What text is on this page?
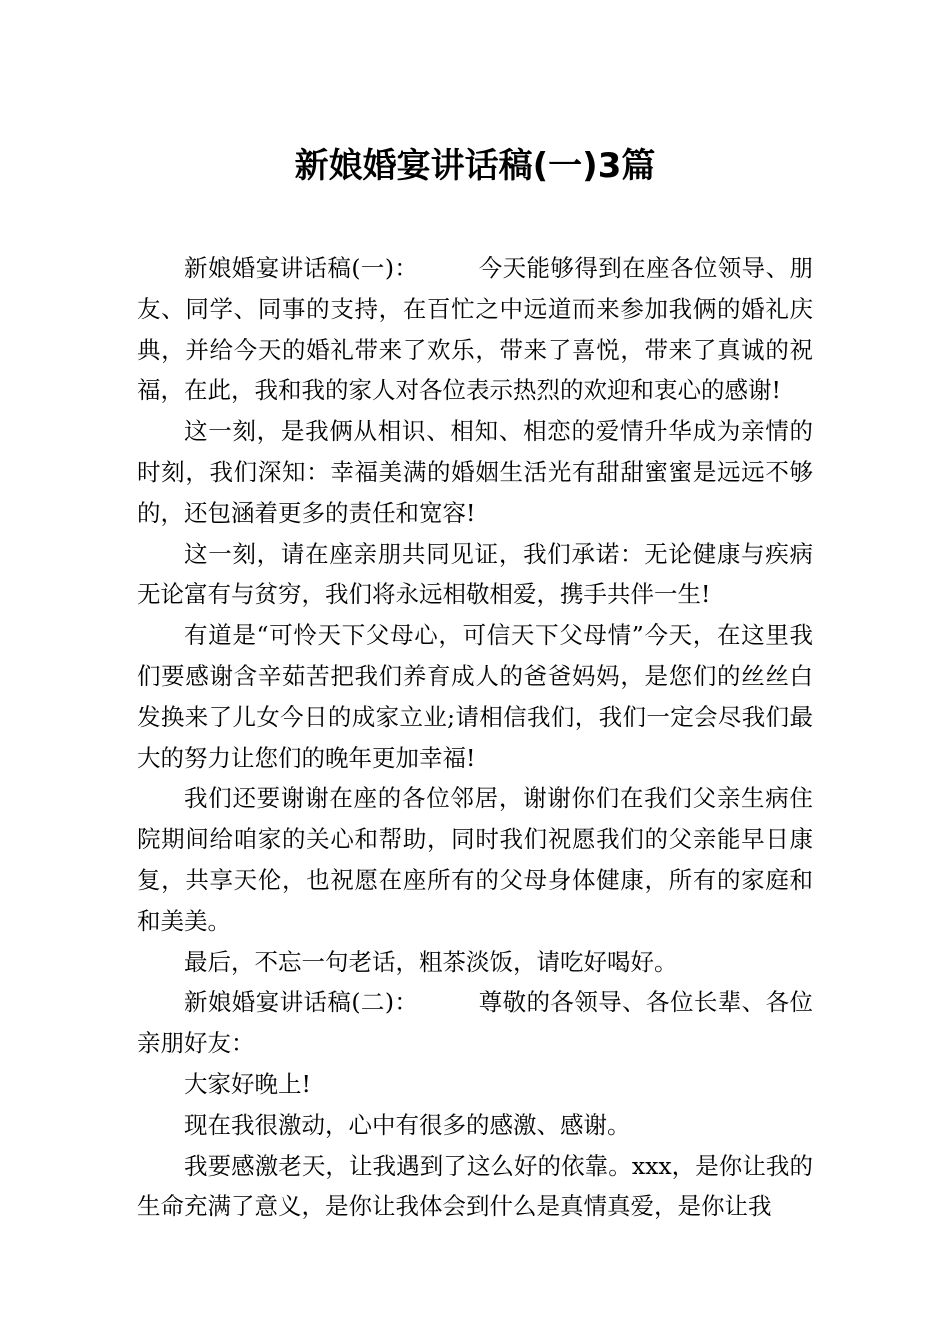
新娘婚宴讲话稿(一)3篇

新娘婚宴讲话稿(一)：	今天能够得到在座各位领导、朋友、同学、同事的支持，在百忙之中远道而来参加我俩的婚礼庆典，并给今天的婚礼带来了欢乐，带来了喜悦，带来了真诚的祝福，在此，我和我的家人对各位表示热烈的欢迎和衷心的感谢!

这一刻，是我俩从相识、相知、相恋的爱情升华成为亲情的时刻，我们深知：幸福美满的婚姻生活光有甜甜蜜蜜是远远不够的，还包涵着更多的责任和宽容!

这一刻，请在座亲朋共同见证，我们承诺：无论健康与疾病无论富有与贫穷，我们将永远相敬相爱，携手共伴一生!

有道是“可怜天下父母心，可信天下父母情”今天，在这里我们要感谢含辛茹苦把我们养育成人的爸爸妈妈，是您们的丝丝白发换来了儿女今日的成家立业;请相信我们，我们一定会尽我们最大的努力让您们的晚年更加幸福!

我们还要谢谢在座的各位邻居，谢谢你们在我们父亲生病住院期间给咱家的关心和帮助，同时我们祝愿我们的父亲能早日康复，共享天伦，也祝愿在座所有的父母身体健康，所有的家庭和和美美。

最后，不忘一句老话，粗茶淡饭，请吃好喝好。

新娘婚宴讲话稿(二)：	尊敬的各领导、各位长辈、各位亲朋好友：

大家好晚上!

现在我很激动，心中有很多的感激、感谢。

我要感激老天，让我遇到了这么好的依靠。xxx，是你让我的生命充满了意义，是你让我体会到什么是真情真爱，是你让我
